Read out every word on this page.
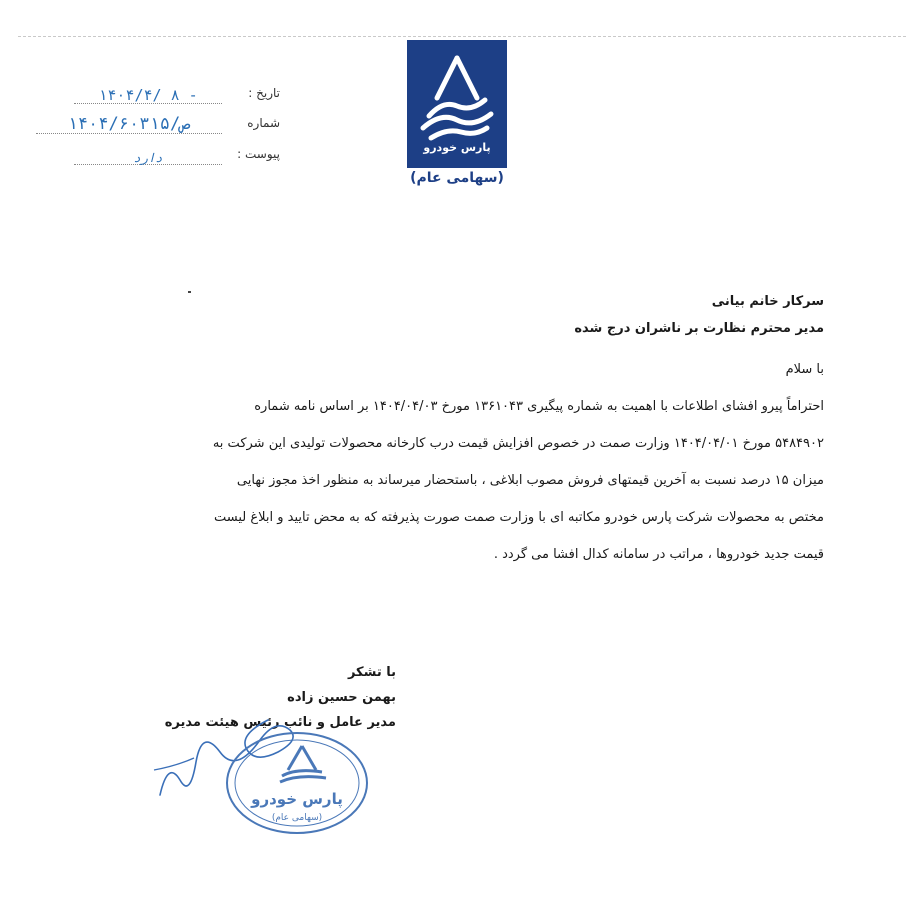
پارس خودرو
(سهامی عام)
تاریخ :
۱۴۰۴/۴/ ۸ -
شماره
۱۴۰۴/ص/۶۰۳۱۵
پیوست :
دارد
سرکار خانم بیانی
مدیر محترم نظارت بر ناشران درج شده
با سلام
احتراماً پیرو افشای اطلاعات با اهمیت به شماره پیگیری ۱۳۶۱۰۴۳ مورخ ۱۴۰۴/۰۴/۰۳ بر اساس نامه شماره
۵۴۸۴۹۰۲ مورخ ۱۴۰۴/۰۴/۰۱ وزارت صمت در خصوص افزایش قیمت درب کارخانه محصولات تولیدی این شرکت به
میزان ۱۵ درصد نسبت به آخرین قیمتهای فروش مصوب ابلاغی ، باستحضار میرساند به منظور اخذ مجوز نهایی
مختص به محصولات شرکت پارس خودرو مکاتبه ای با وزارت صمت صورت پذیرفته که به محض تایید و ابلاغ لیست
قیمت جدید خودروها ، مراتب در سامانه کدال افشا می گردد .
با تشکر
بهمن حسین زاده
مدیر عامل و نائب رئیس هیئت مدیره
پارس خودرو
(سهامی عام)
